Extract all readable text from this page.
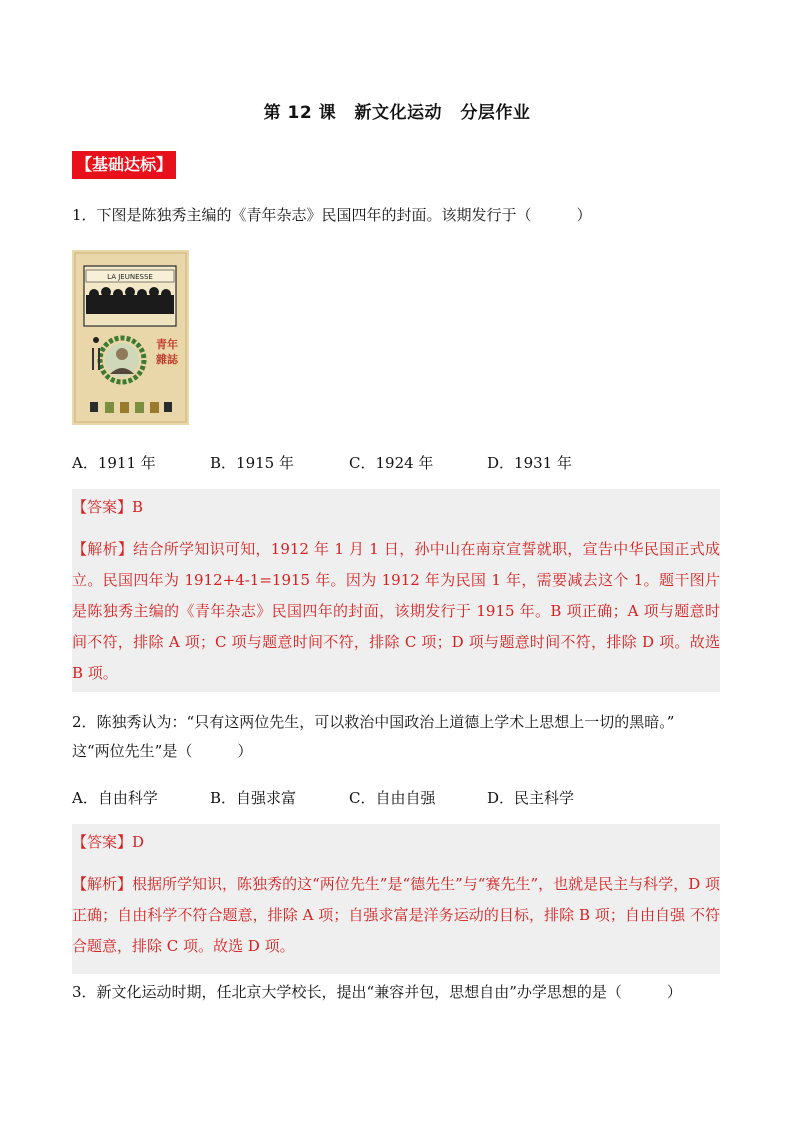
第 12 课 新文化运动 分层作业
【基础达标】
1．下图是陈独秀主编的《青年杂志》民国四年的封面。该期发行于（　　　）
LA JEUNESSE
青年
雜誌
A．1911 年	B．1915 年	C．1924 年	D．1931 年
【答案】B
【解析】结合所学知识可知，1912 年 1 月 1 日，孙中山在南京宣誓就职，宣告中华民国正式成立。民国四年为 1912+4-1=1915 年。因为 1912 年为民国 1 年，需要减去这个 1。题干图片是陈独秀主编的《青年杂志》民国四年的封面，该期发行于 1915 年。B 项正确；A 项与题意时间不符，排除 A 项；C 项与题意时间不符，排除 C 项；D 项与题意时间不符，排除 D 项。故选 B 项。
2．陈独秀认为：“只有这两位先生，可以救治中国政治上道德上学术上思想上一切的黑暗。”
这“两位先生”是（　　　）
A．自由科学	B．自强求富	C．自由自强	D．民主科学
【答案】D
【解析】根据所学知识，陈独秀的这“两位先生”是“德先生”与“赛先生”，也就是民主与科学，D 项正确；自由科学不符合题意，排除 A 项；自强求富是洋务运动的目标，排除 B 项；自由自强 不符合题意，排除 C 项。故选 D 项。
3．新文化运动时期，任北京大学校长，提出“兼容并包，思想自由”办学思想的是（　　　）
